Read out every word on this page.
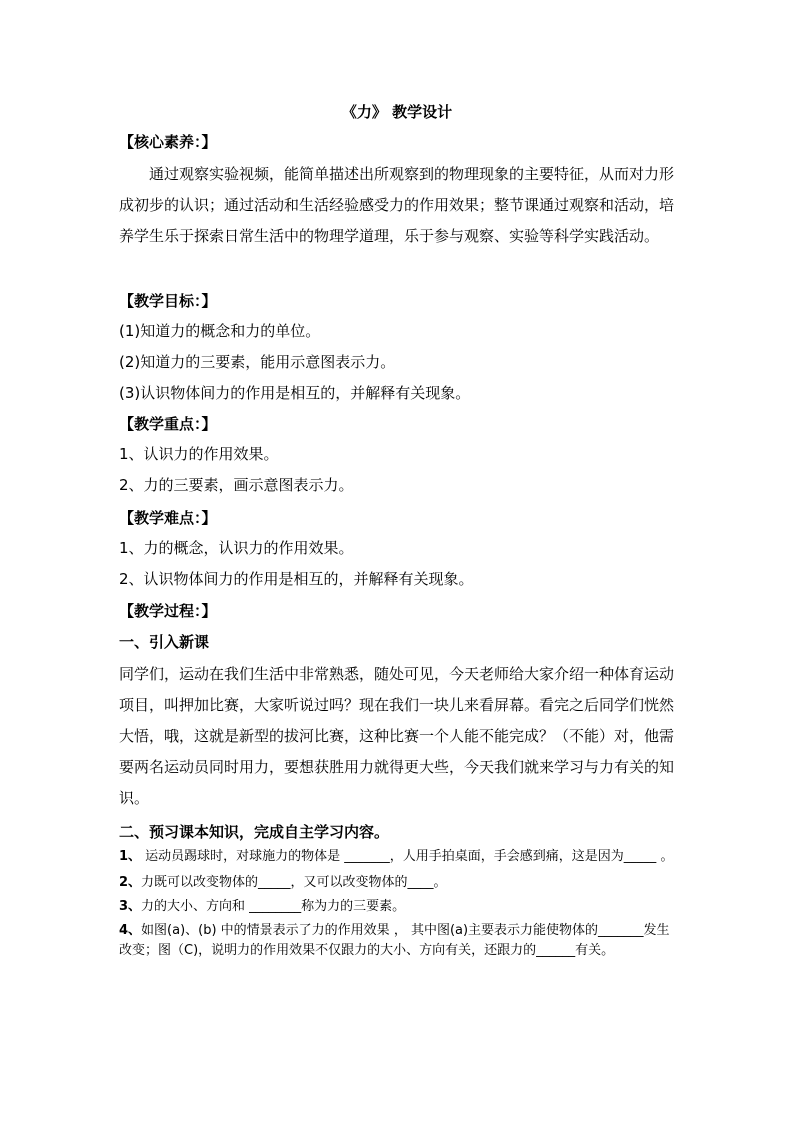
《力》 教学设计
【核心素养：】
通过观察实验视频，能简单描述出所观察到的物理现象的主要特征，从而对力形成初步的认识；通过活动和生活经验感受力的作用效果；整节课通过观察和活动，培养学生乐于探索日常生活中的物理学道理，乐于参与观察、实验等科学实践活动。
【教学目标：】
(1)知道力的概念和力的单位。
(2)知道力的三要素，能用示意图表示力。
(3)认识物体间力的作用是相互的，并解释有关现象。
【教学重点：】
1、认识力的作用效果。
2、力的三要素，画示意图表示力。
【教学难点：】
1、力的概念，认识力的作用效果。
2、认识物体间力的作用是相互的，并解释有关现象。
【教学过程：】
一、引入新课
同学们，运动在我们生活中非常熟悉，随处可见，今天老师给大家介绍一种体育运动项目，叫押加比赛，大家听说过吗？现在我们一块儿来看屏幕。看完之后同学们恍然大悟，哦，这就是新型的拔河比赛，这种比赛一个人能不能完成？（不能）对，他需要两名运动员同时用力，要想获胜用力就得更大些，今天我们就来学习与力有关的知识。
二、预习课本知识，完成自主学习内容。
1、 运动员踢球时，对球施力的物体是 _______，人用手拍桌面，手会感到痛，这是因为_____ 。
2、力既可以改变物体的_____，又可以改变物体的____。
3、力的大小、方向和 ________称为力的三要素。
4、如图(a)、(b) 中的情景表示了力的作用效果 ， 其中图(a)主要表示力能使物体的_______发生改变；图（C)，说明力的作用效果不仅跟力的大小、方向有关，还跟力的______有关。
